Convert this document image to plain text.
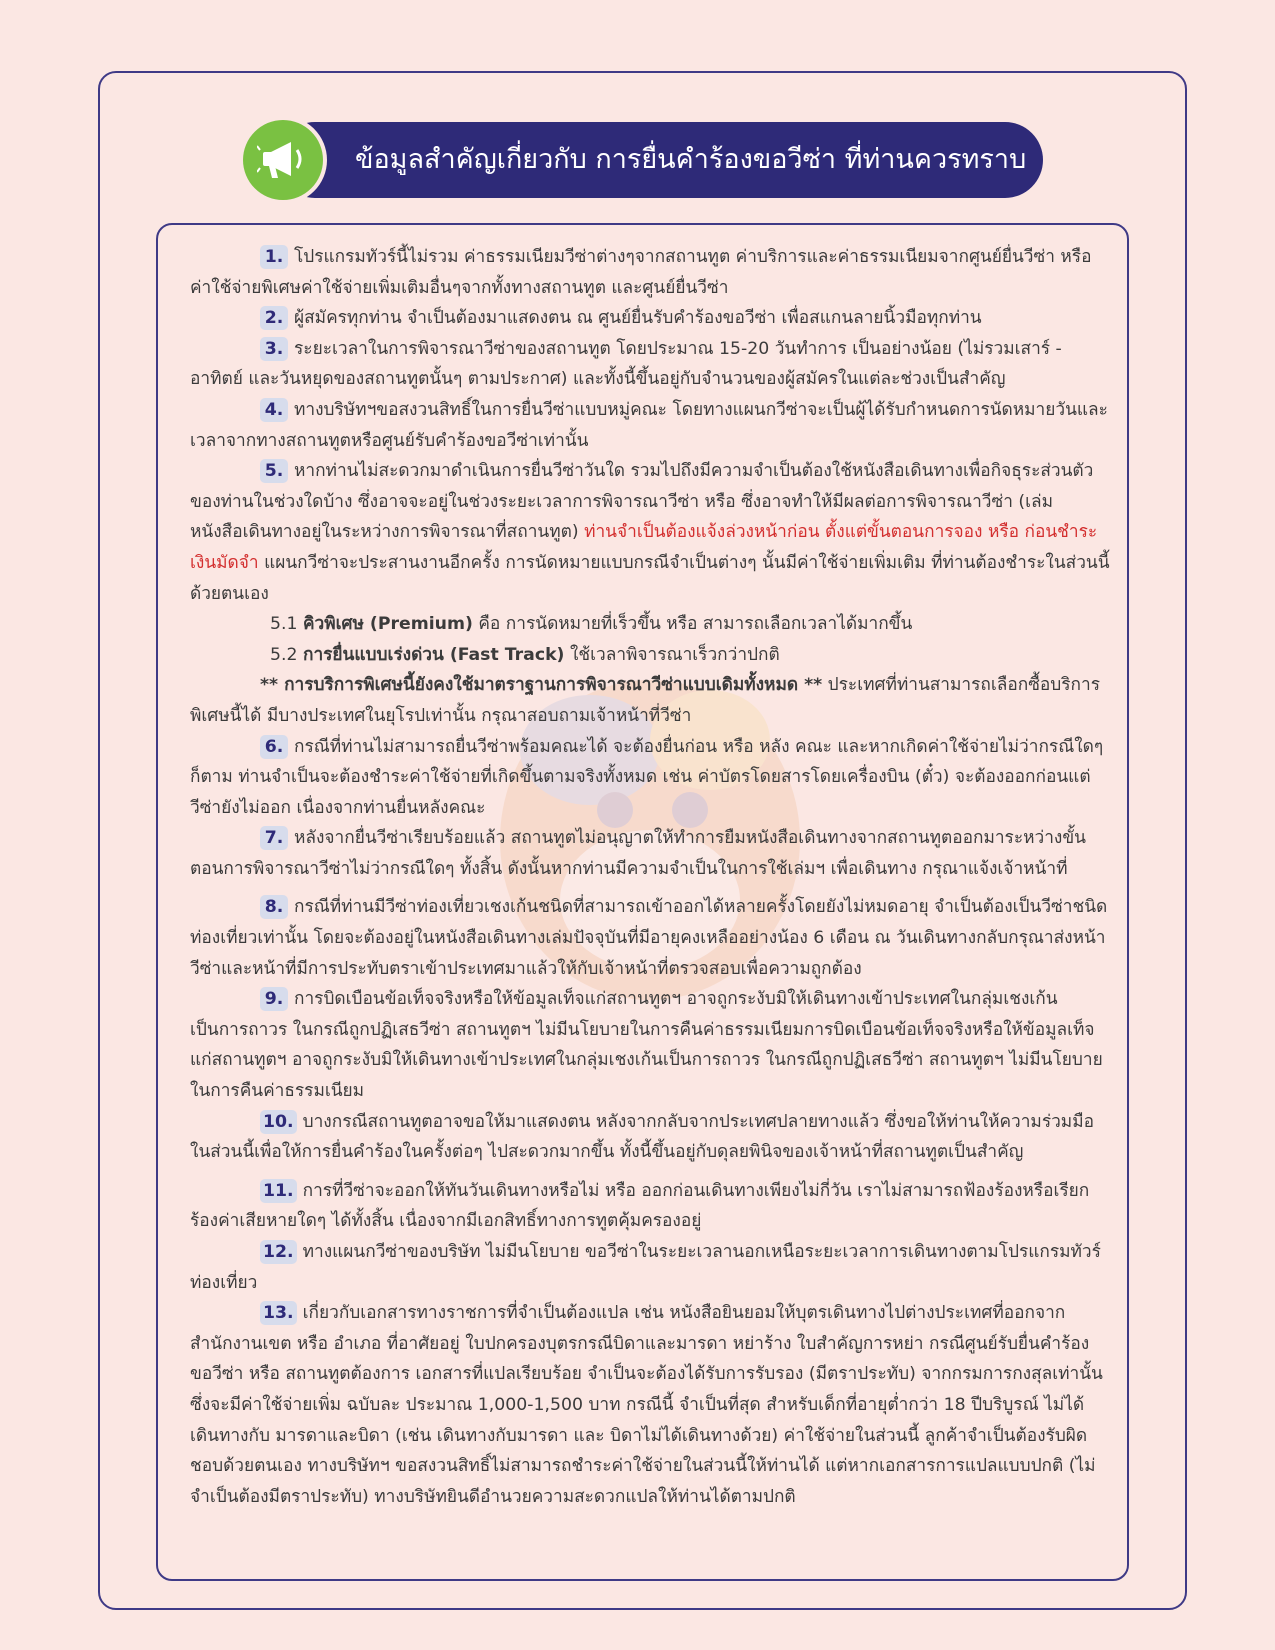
ข้อมูลสำคัญเกี่ยวกับ การยื่นคำร้องขอวีซ่า ที่ท่านควรทราบ

1. โปรแกรมทัวร์นี้ไม่รวม ค่าธรรมเนียมวีซ่าต่างๆจากสถานทูต ค่าบริการและค่าธรรมเนียมจากศูนย์ยื่นวีซ่า หรือค่าใช้จ่ายพิเศษค่าใช้จ่ายเพิ่มเติมอื่นๆจากทั้งทางสถานทูต และศูนย์ยื่นวีซ่า

2. ผู้สมัครทุกท่าน จำเป็นต้องมาแสดงตน ณ ศูนย์ยื่นรับคำร้องขอวีซ่า เพื่อสแกนลายนิ้วมือทุกท่าน

3. ระยะเวลาในการพิจารณาวีซ่าของสถานทูต โดยประมาณ 15-20 วันทำการ เป็นอย่างน้อย (ไม่รวมเสาร์ - อาทิตย์ และวันหยุดของสถานทูตนั้นๆ ตามประกาศ) และทั้งนี้ขึ้นอยู่กับจำนวนของผู้สมัครในแต่ละช่วงเป็นสำคัญ

4. ทางบริษัทฯขอสงวนสิทธิ์ในการยื่นวีซ่าแบบหมู่คณะ โดยทางแผนกวีซ่าจะเป็นผู้ได้รับกำหนดการนัดหมายวันและเวลาจากทางสถานทูตหรือศูนย์รับคำร้องขอวีซ่าเท่านั้น

5. หากท่านไม่สะดวกมาดำเนินการยื่นวีซ่าวันใด รวมไปถึงมีความจำเป็นต้องใช้หนังสือเดินทางเพื่อกิจธุระส่วนตัวของท่านในช่วงใดบ้าง ซึ่งอาจจะอยู่ในช่วงระยะเวลาการพิจารณาวีซ่า หรือ ซึ่งอาจทำให้มีผลต่อการพิจารณาวีซ่า (เล่มหนังสือเดินทางอยู่ในระหว่างการพิจารณาที่สถานทูต) ท่านจำเป็นต้องแจ้งล่วงหน้าก่อน ตั้งแต่ขั้นตอนการจอง หรือ ก่อนชำระเงินมัดจำ แผนกวีซ่าจะประสานงานอีกครั้ง การนัดหมายแบบกรณีจำเป็นต่างๆ นั้นมีค่าใช้จ่ายเพิ่มเติม ที่ท่านต้องชำระในส่วนนี้ด้วยตนเอง

5.1 คิวพิเศษ (Premium) คือ การนัดหมายที่เร็วขึ้น หรือ สามารถเลือกเวลาได้มากขึ้น

5.2 การยื่นแบบเร่งด่วน (Fast Track) ใช้เวลาพิจารณาเร็วกว่าปกติ

** การบริการพิเศษนี้ยังคงใช้มาตราฐานการพิจารณาวีซ่าแบบเดิมทั้งหมด ** ประเทศที่ท่านสามารถเลือกซื้อบริการพิเศษนี้ได้ มีบางประเทศในยุโรปเท่านั้น กรุณาสอบถามเจ้าหน้าที่วีซ่า

6. กรณีที่ท่านไม่สามารถยื่นวีซ่าพร้อมคณะได้ จะต้องยื่นก่อน หรือ หลัง คณะ และหากเกิดค่าใช้จ่ายไม่ว่ากรณีใดๆ ก็ตาม ท่านจำเป็นจะต้องชำระค่าใช้จ่ายที่เกิดขึ้นตามจริงทั้งหมด เช่น ค่าบัตรโดยสารโดยเครื่องบิน (ตั๋ว) จะต้องออกก่อนแต่วีซ่ายังไม่ออก เนื่องจากท่านยื่นหลังคณะ

7. หลังจากยื่นวีซ่าเรียบร้อยแล้ว สถานทูตไม่อนุญาตให้ทำการยืมหนังสือเดินทางจากสถานทูตออกมาระหว่างขั้นตอนการพิจารณาวีซ่าไม่ว่ากรณีใดๆ ทั้งสิ้น ดังนั้นหากท่านมีความจำเป็นในการใช้เล่มฯ เพื่อเดินทาง กรุณาแจ้งเจ้าหน้าที่

8. กรณีที่ท่านมีวีซ่าท่องเที่ยวเชงเก้นชนิดที่สามารถเข้าออกได้หลายครั้งโดยยังไม่หมดอายุ จำเป็นต้องเป็นวีซ่าชนิดท่องเที่ยวเท่านั้น โดยจะต้องอยู่ในหนังสือเดินทางเล่มปัจจุบันที่มีอายุคงเหลืออย่างน้อง 6 เดือน ณ วันเดินทางกลับกรุณาส่งหน้าวีซ่าและหน้าที่มีการประทับตราเข้าประเทศมาแล้วให้กับเจ้าหน้าที่ตรวจสอบเพื่อความถูกต้อง

9. การบิดเบือนข้อเท็จจริงหรือให้ข้อมูลเท็จแก่สถานทูตฯ อาจถูกระงับมิให้เดินทางเข้าประเทศในกลุ่มเชงเก้นเป็นการถาวร ในกรณีถูกปฏิเสธวีซ่า สถานทูตฯ ไม่มีนโยบายในการคืนค่าธรรมเนียมการบิดเบือนข้อเท็จจริงหรือให้ข้อมูลเท็จแก่สถานทูตฯ อาจถูกระงับมิให้เดินทางเข้าประเทศในกลุ่มเชงเก้นเป็นการถาวร ในกรณีถูกปฏิเสธวีซ่า สถานทูตฯ ไม่มีนโยบายในการคืนค่าธรรมเนียม

10. บางกรณีสถานทูตอาจขอให้มาแสดงตน หลังจากกลับจากประเทศปลายทางแล้ว ซึ่งขอให้ท่านให้ความร่วมมือในส่วนนี้เพื่อให้การยื่นคำร้องในครั้งต่อๆ ไปสะดวกมากขึ้น ทั้งนี้ขึ้นอยู่กับดุลยพินิจของเจ้าหน้าที่สถานทูตเป็นสำคัญ

11. การที่วีซ่าจะออกให้ทันวันเดินทางหรือไม่ หรือ ออกก่อนเดินทางเพียงไม่กี่วัน เราไม่สามารถฟ้องร้องหรือเรียกร้องค่าเสียหายใดๆ ได้ทั้งสิ้น เนื่องจากมีเอกสิทธิ์ทางการทูตคุ้มครองอยู่

12. ทางแผนกวีซ่าของบริษัท ไม่มีนโยบาย ขอวีซ่าในระยะเวลานอกเหนือระยะเวลาการเดินทางตามโปรแกรมทัวร์ ท่องเที่ยว

13. เกี่ยวกับเอกสารทางราชการที่จำเป็นต้องแปล เช่น หนังสือยินยอมให้บุตรเดินทางไปต่างประเทศที่ออกจากสำนักงานเขต หรือ อำเภอ ที่อาศัยอยู่ ใบปกครองบุตรกรณีบิดาและมารดา หย่าร้าง ใบสำคัญการหย่า กรณีศูนย์รับยื่นคำร้องขอวีซ่า หรือ สถานทูตต้องการ เอกสารที่แปลเรียบร้อย จำเป็นจะต้องได้รับการรับรอง (มีตราประทับ) จากกรมการกงสุลเท่านั้น ซึ่งจะมีค่าใช้จ่ายเพิ่ม ฉบับละ ประมาณ 1,000-1,500 บาท กรณีนี้ จำเป็นที่สุด สำหรับเด็กที่อายุต่ำกว่า 18 ปีบริบูรณ์ ไม่ได้เดินทางกับ มารดาและบิดา (เช่น เดินทางกับมารดา และ บิดาไม่ได้เดินทางด้วย) ค่าใช้จ่ายในส่วนนี้ ลูกค้าจำเป็นต้องรับผิดชอบด้วยตนเอง ทางบริษัทฯ ขอสงวนสิทธิ์ไม่สามารถชำระค่าใช้จ่ายในส่วนนี้ให้ท่านได้ แต่หากเอกสารการแปลแบบปกติ (ไม่จำเป็นต้องมีตราประทับ) ทางบริษัทยินดีอำนวยความสะดวกแปลให้ท่านได้ตามปกติ
